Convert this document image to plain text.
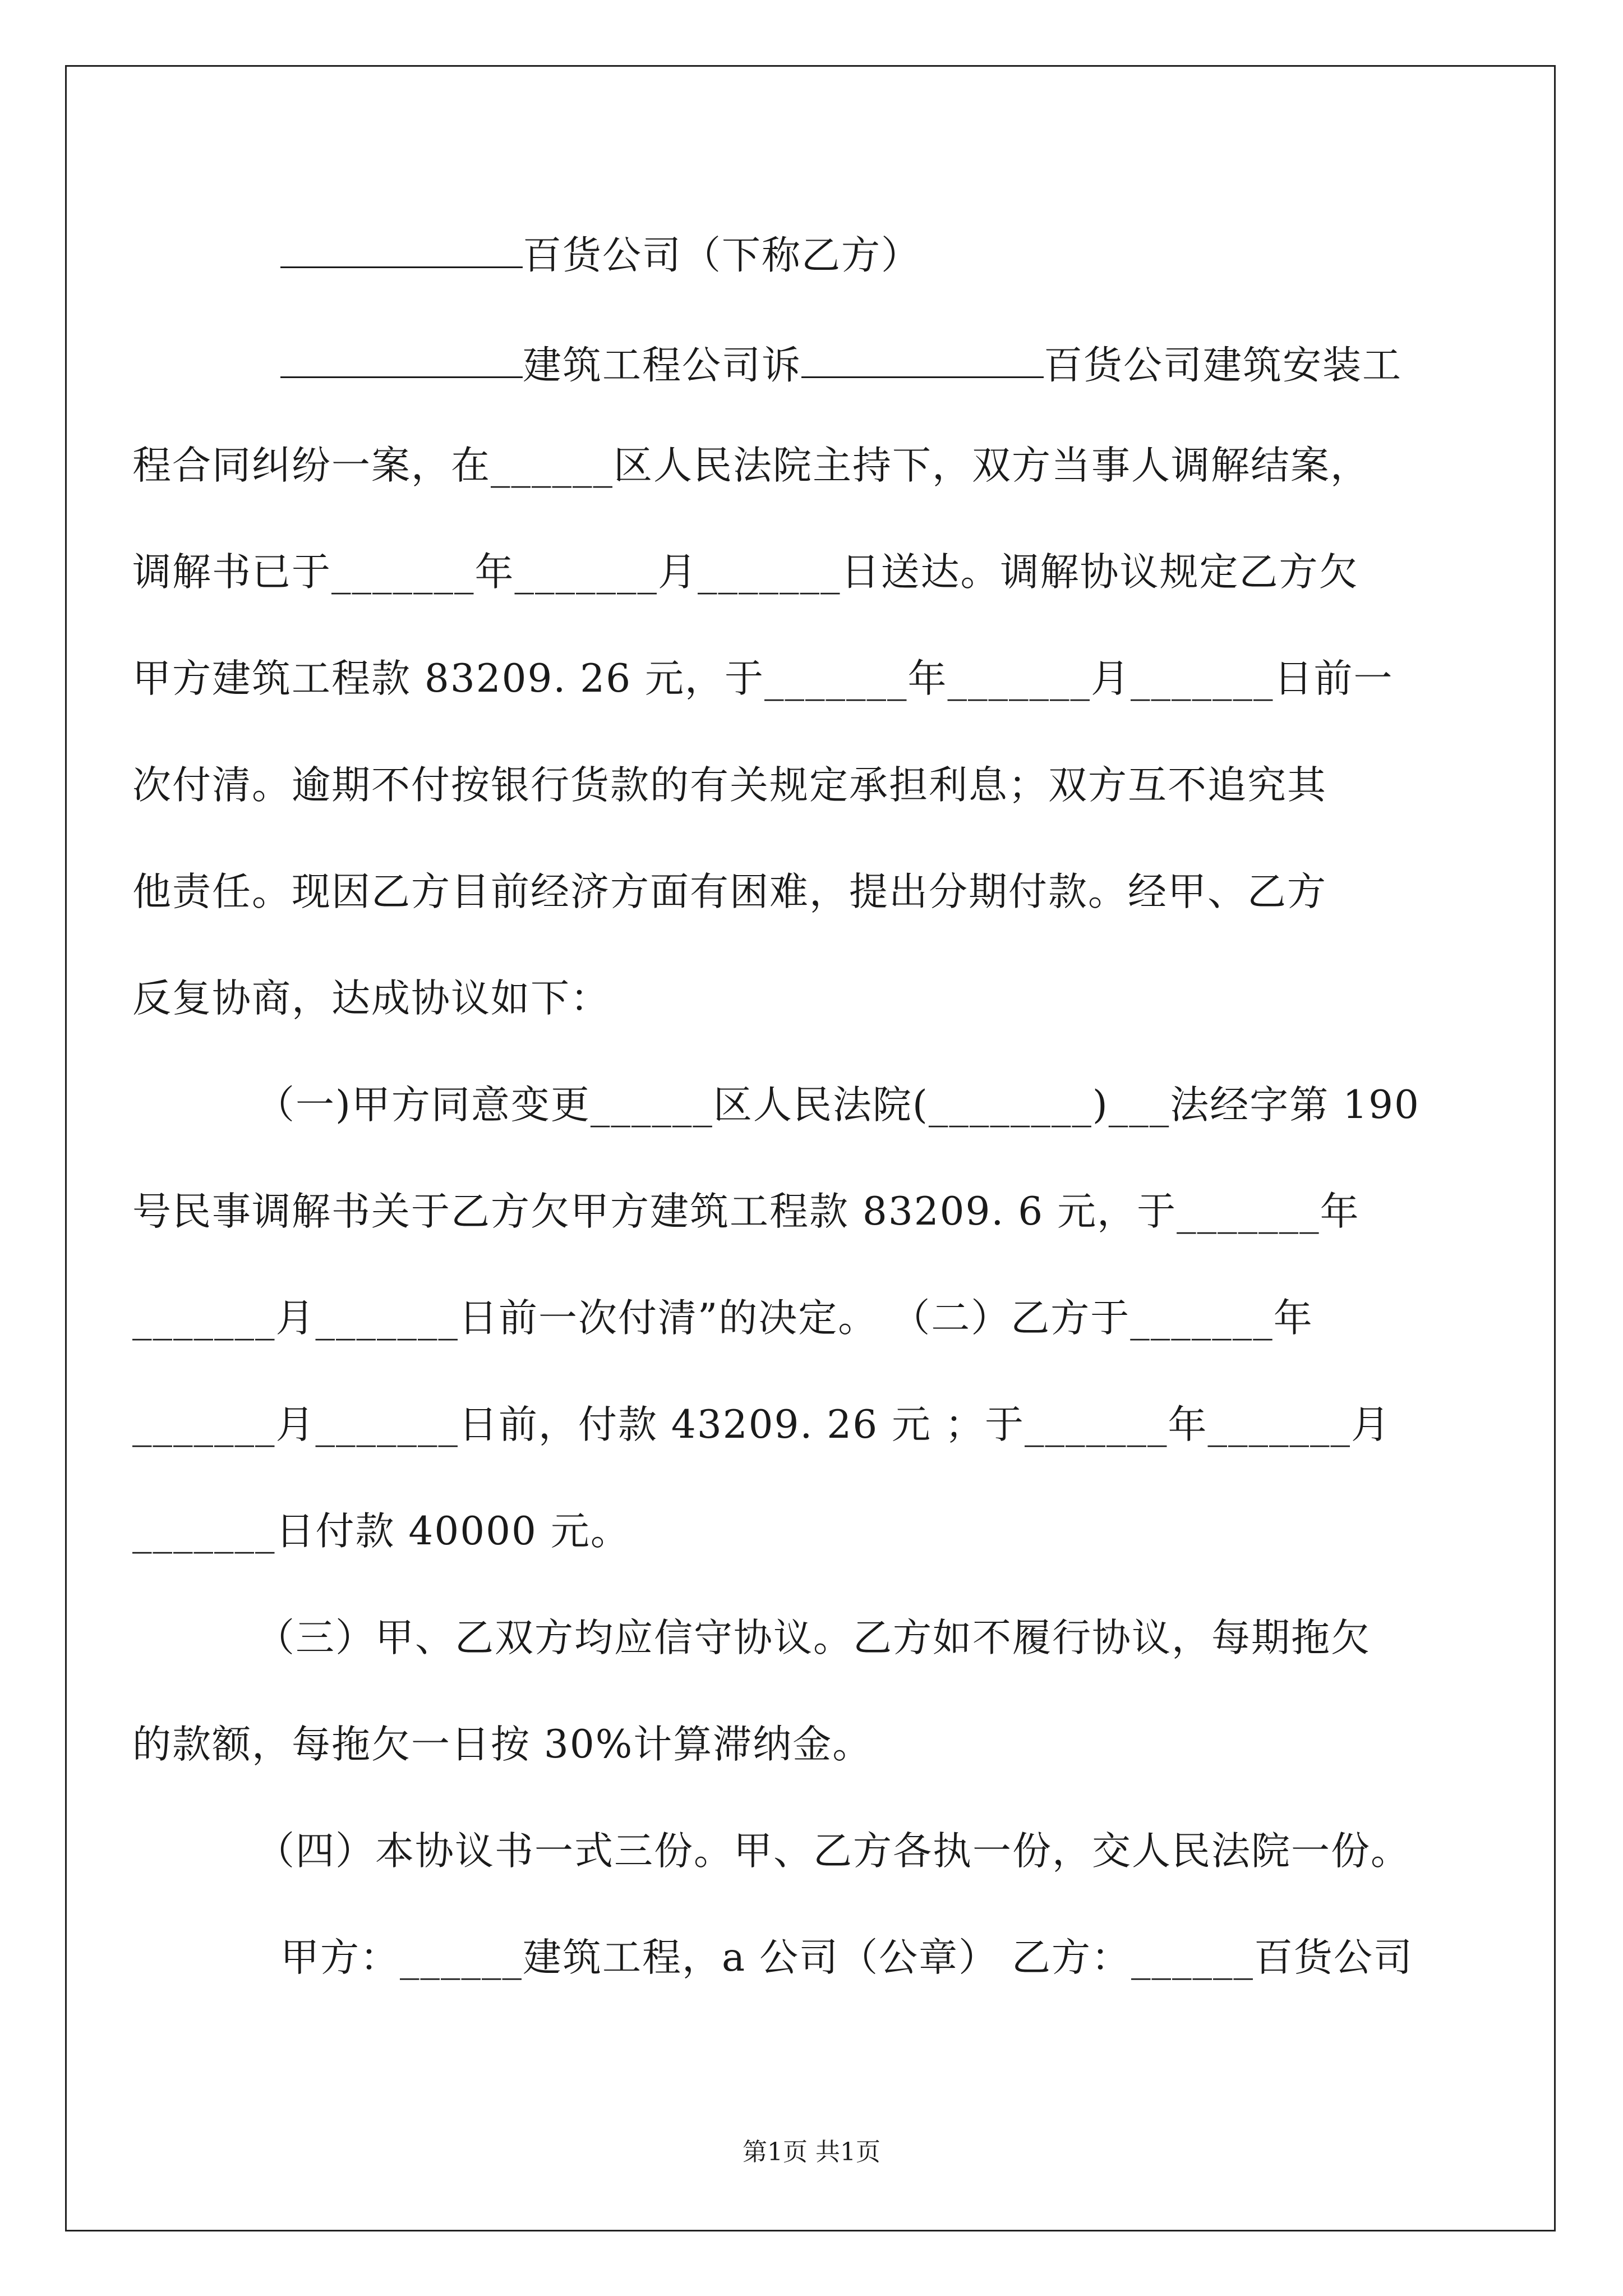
百货公司（下称乙方）
建筑工程公司诉	百货公司建筑安装工
程合同纠纷一案，在______区人民法院主持下，双方当事人调解结案，
调解书已于_______年_______月_______日送达。调解协议规定乙方欠
甲方建筑工程款 83209. 26 元，于_______年_______月_______日前一
次付清。逾期不付按银行货款的有关规定承担利息；双方互不追究其
他责任。现因乙方目前经济方面有困难，提出分期付款。经甲、乙方
反复协商，达成协议如下：
（一)甲方同意变更______区人民法院(________)___法经字第 190
号民事调解书关于乙方欠甲方建筑工程款 83209. 6 元，于_______年
_______月_______日前一次付清”的决定。 （二）乙方于_______年
_______月_______日前，付款 43209. 26 元 ；于_______年_______月
_______日付款 40000 元。
（三）甲、乙双方均应信守协议。乙方如不履行协议，每期拖欠
的款额，每拖欠一日按 30%计算滞纳金。
（四）本协议书一式三份。甲、乙方各执一份，交人民法院一份。
甲方：______建筑工程，a 公司（公章） 乙方：______百货公司
第1页 共1页
